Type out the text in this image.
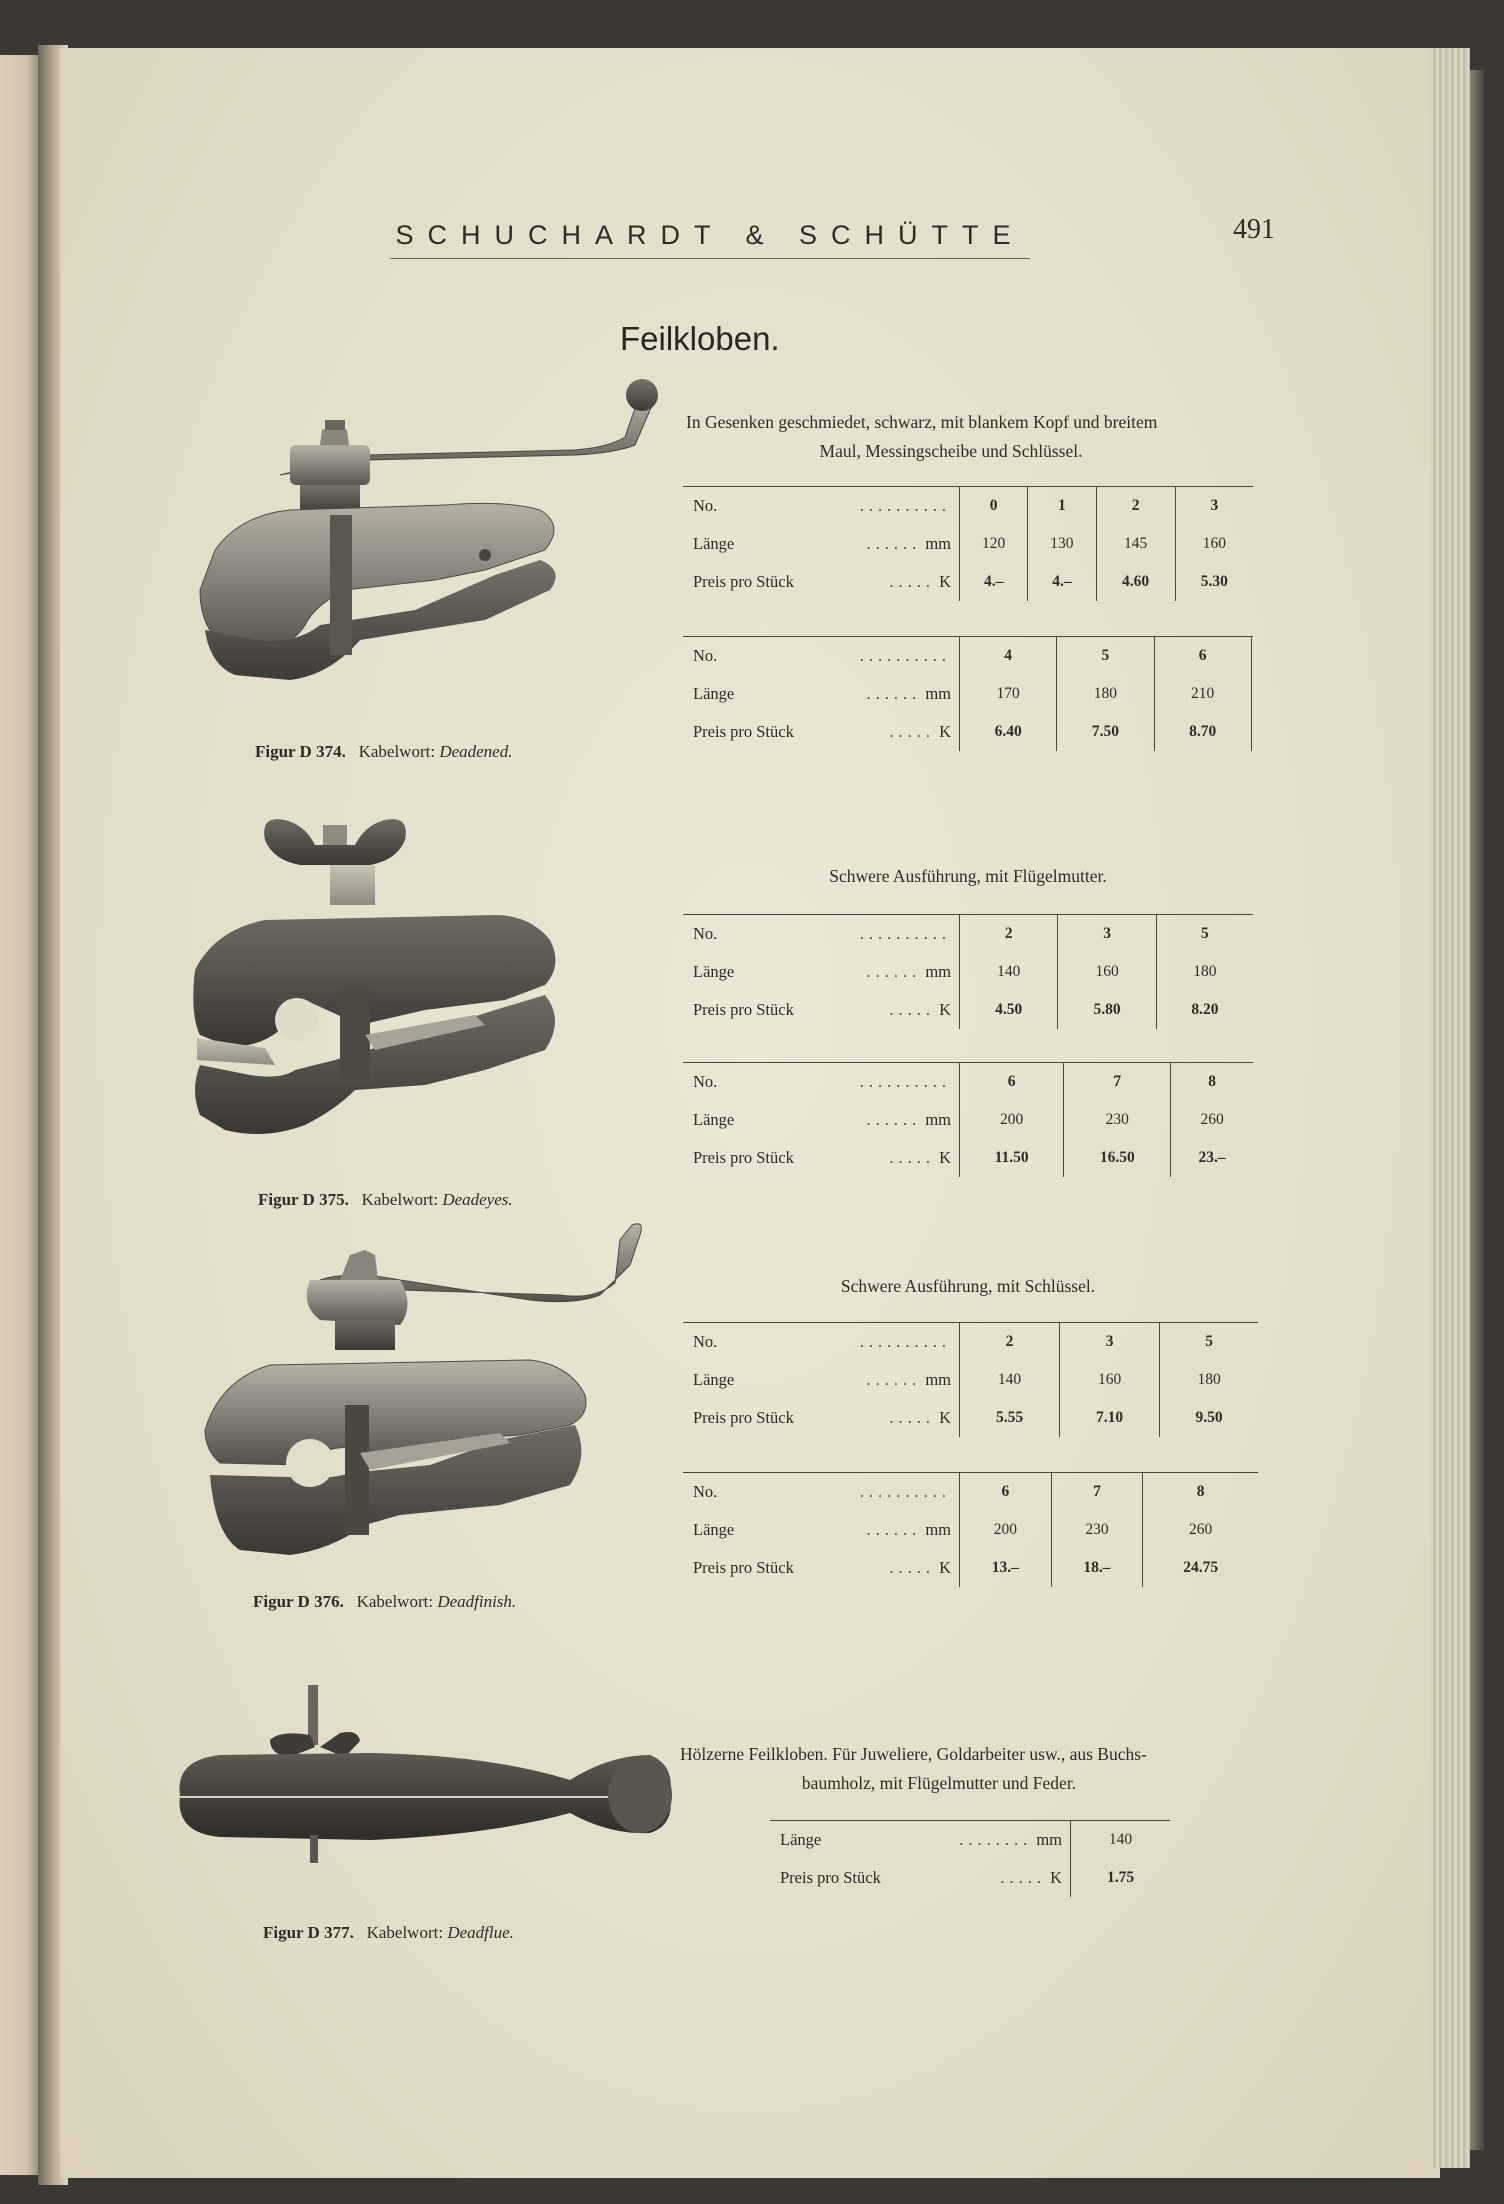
SCHUCHARDT & SCHÜTTE	491
Feilkloben.
In Gesenken geschmiedet, schwarz, mit blankem Kopf und breitem
Maul, Messingscheibe und Schlüssel.
No. ..........	0	1	2	3

Länge ...... mm	120	130	145	160

Preis pro Stück ..... K	4.–	4.–	4.60	5.30
No. ..........	4	5	6	

Länge ...... mm	170	180	210	

Preis pro Stück ..... K	6.40	7.50	8.70	
Figur D 374. Kabelwort: Deadened.
Schwere Ausführung, mit Flügelmutter.
No. ..........	2	3	5

Länge ...... mm	140	160	180

Preis pro Stück ..... K	4.50	5.80	8.20
No. ..........	6	7	8

Länge ...... mm	200	230	260

Preis pro Stück ..... K	11.50	16.50	23.–
Figur D 375. Kabelwort: Deadeyes.
Schwere Ausführung, mit Schlüssel.
No. ..........	2	3	5

Länge ...... mm	140	160	180

Preis pro Stück ..... K	5.55	7.10	9.50
No. ..........	6	7	8

Länge ...... mm	200	230	260

Preis pro Stück ..... K	13.–	18.–	24.75
Figur D 376. Kabelwort: Deadfinish.
Hölzerne Feilkloben. Für Juweliere, Goldarbeiter usw., aus Buchs-
baumholz, mit Flügelmutter und Feder.
Länge ........ mm	140

Preis pro Stück ..... K	1.75
Figur D 377. Kabelwort: Deadflue.
